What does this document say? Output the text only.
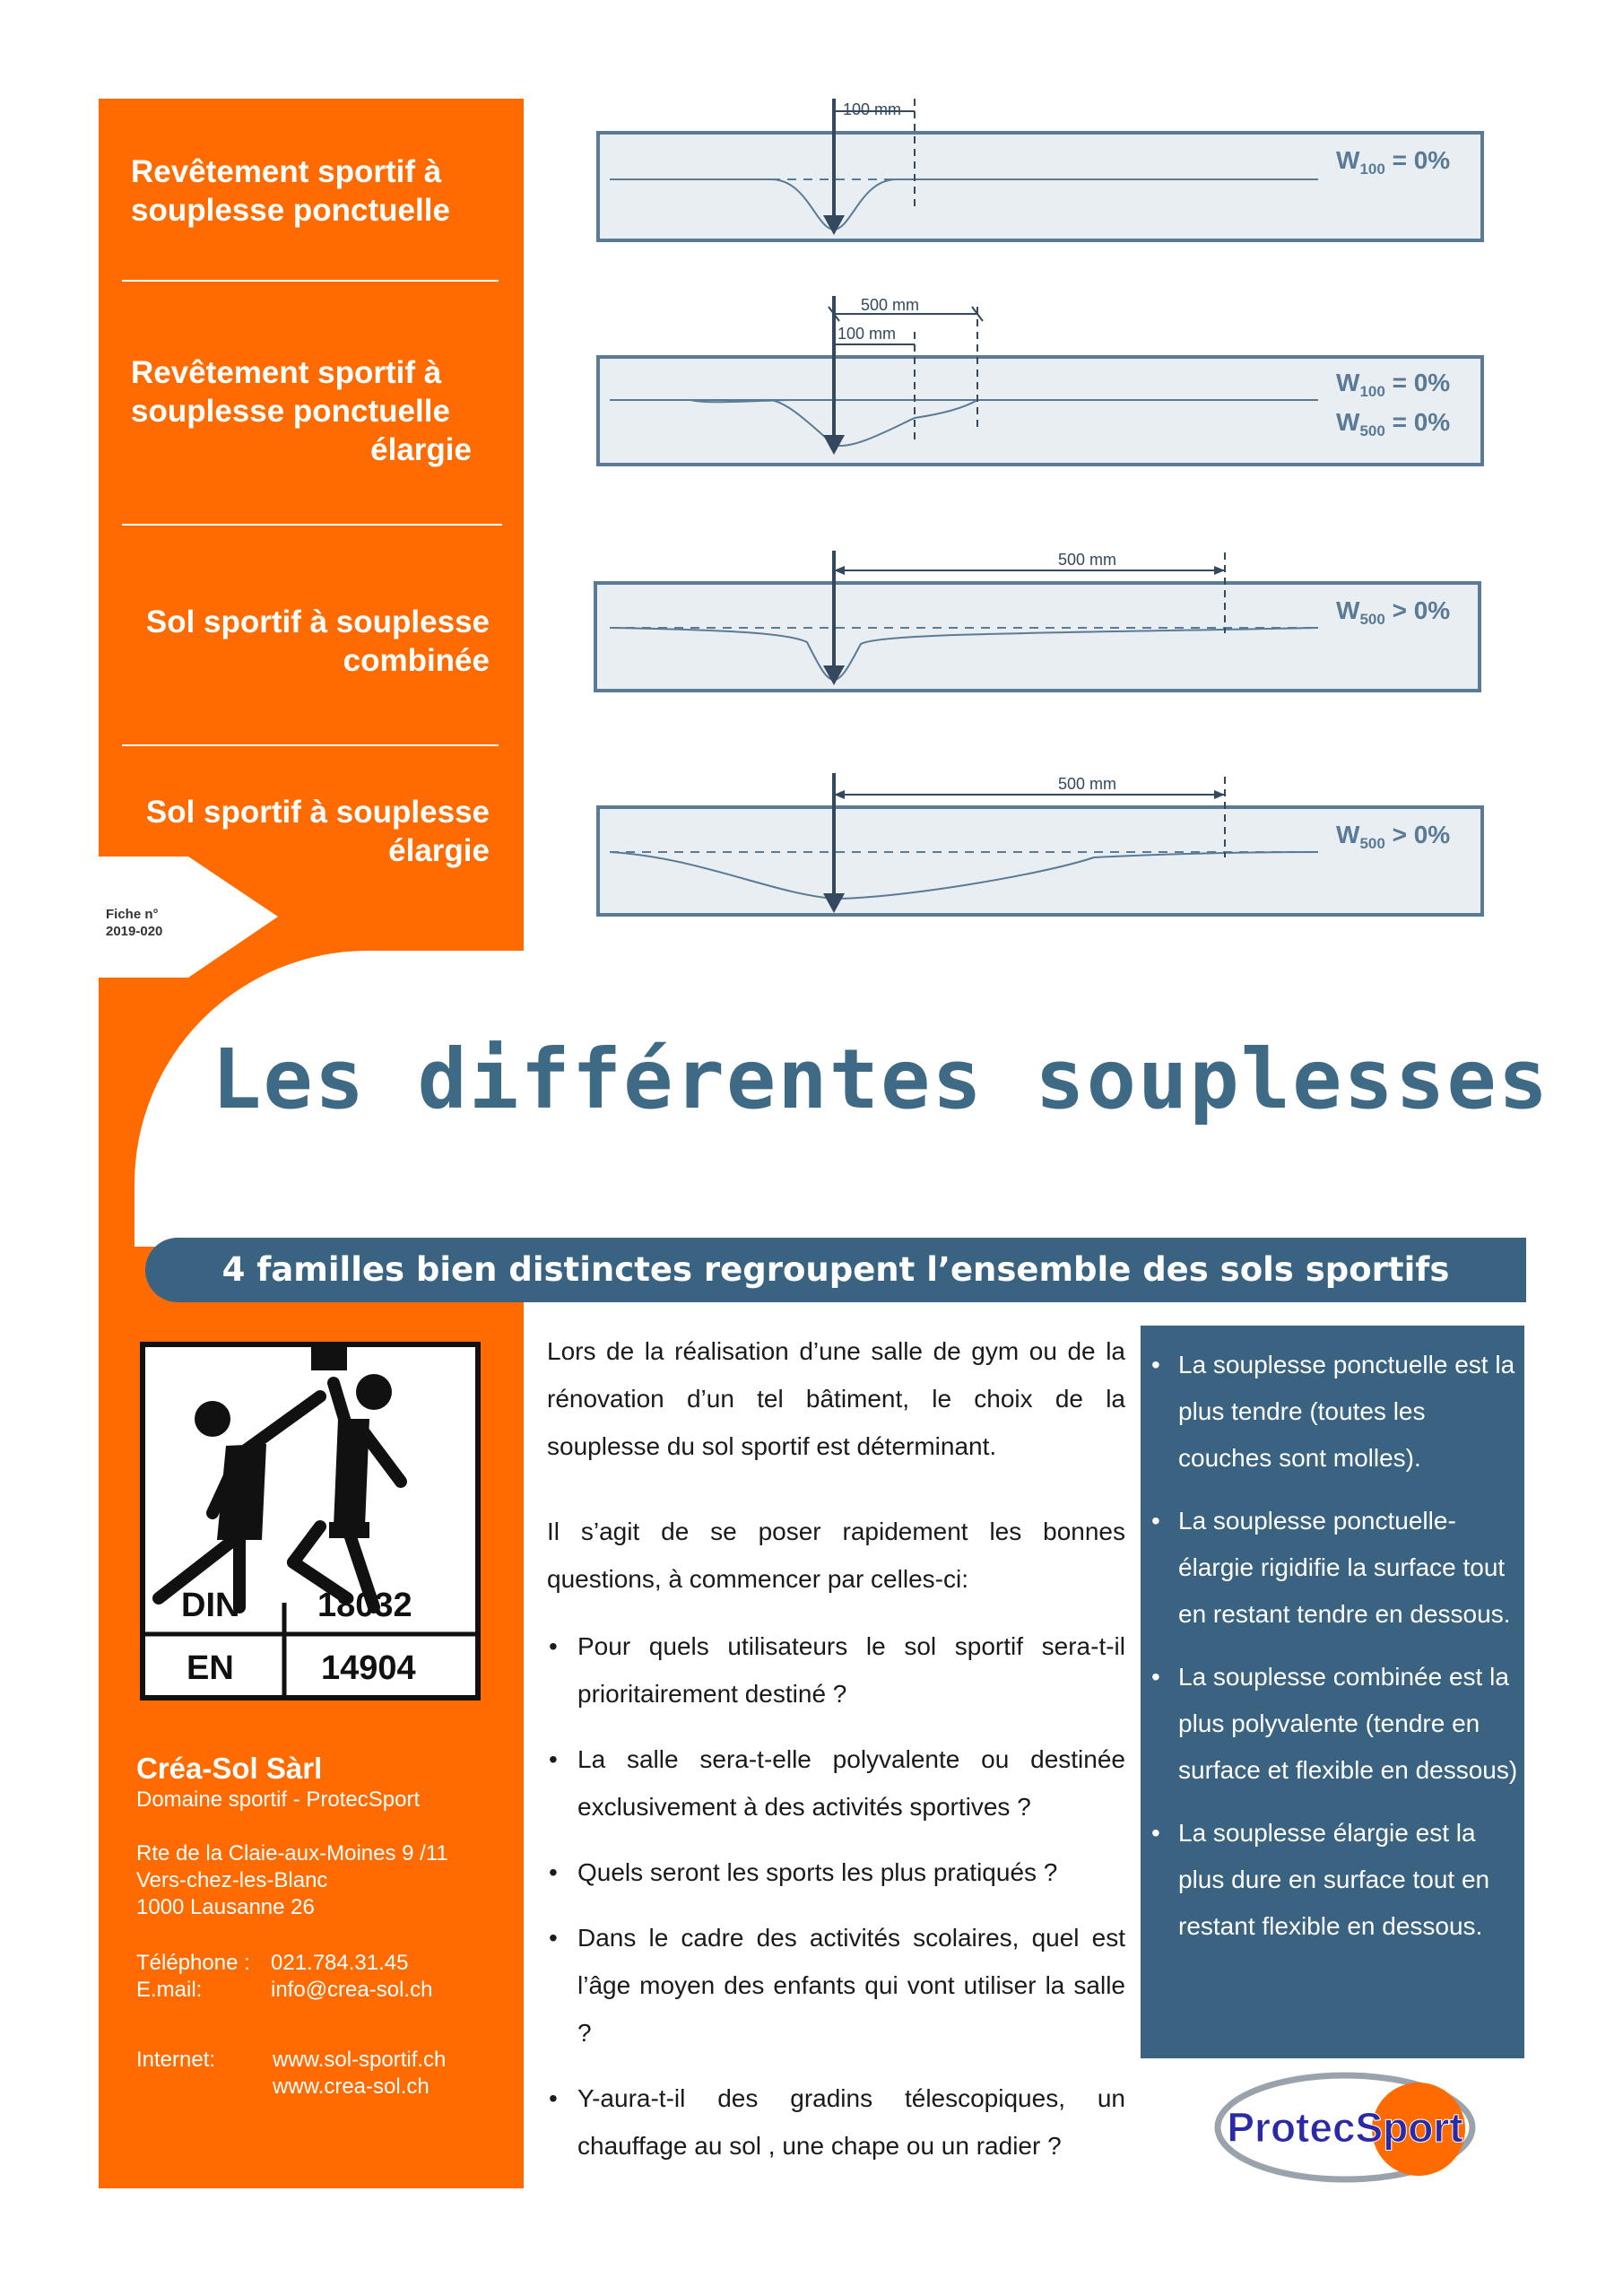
Fiche n°
2019-020
Revêtement sportif à
souplesse ponctuelle
Revêtement sportif à
souplesse ponctuelle
élargie
Sol sportif à souplesse
combinée
Sol sportif à souplesse
élargie
100 mm
$W_{100} = 0\%$
500 mm
100 mm
$W_{100} = 0\%$
$W_{500} = 0\%$
500 mm
$W_{500} > 0\%$
500 mm
$W_{500} > 0\%$
Les différentes souplesses
4 familles bien distinctes regroupent l’ensemble des sols sportifs
DIN 18032
EN	14904
Créa-Sol Sàrl
Domaine sportif - ProtecSport
Rte de la Claie-aux-Moines 9 /11
Vers-chez-les-Blanc
1000 Lausanne 26
Téléphone : 021.784.31.45
E.mail:	info@crea-sol.ch
Internet:	www.sol-sportif.ch
www.crea-sol.ch

Lors de la réalisation d’une salle de gym ou de la rénovation d’un tel bâtiment, le choix de la souplesse du sol sportif est déterminant.

Il s’agit de se poser rapidement les bonnes questions, à commencer par celles-ci:

• Pour quels utilisateurs le sol sportif sera-t-il prioritairement destiné ?
• La salle sera-t-elle polyvalente ou destinée exclusivement à des activités sportives ?
• Quels seront les sports les plus pratiqués ?
• Dans le cadre des activités scolaires, quel est l’âge moyen des enfants qui vont utiliser la salle ?
• Y-aura-t-il des gradins télescopiques, un chauffage au sol , une chape ou un radier ?
• La souplesse ponctuelle est la plus tendre (toutes les couches sont molles).
• La souplesse ponctuelle-élargie rigidifie la surface tout en restant tendre en dessous.
• La souplesse combinée est la plus polyvalente (tendre en surface et flexible en dessous)
• La souplesse élargie est la plus dure en surface tout en restant flexible en dessous.
ProtecSport
